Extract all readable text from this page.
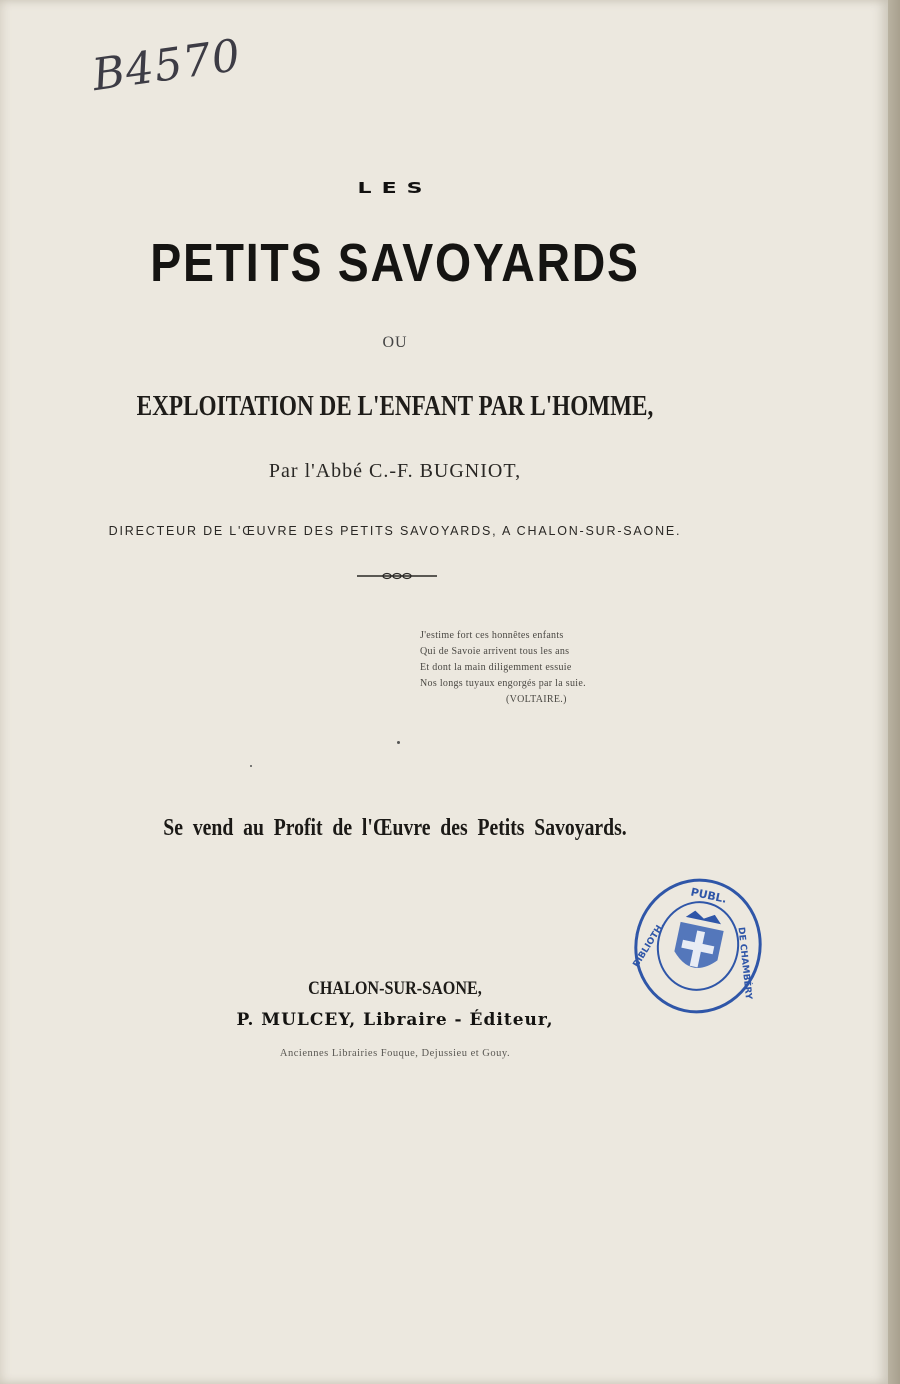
B4570
LES
PETITS SAVOYARDS
OU
EXPLOITATION DE L'ENFANT PAR L'HOMME,
Par l'Abbé C.-F. BUGNIOT,
DIRECTEUR DE L'ŒUVRE DES PETITS SAVOYARDS, A CHALON-SUR-SAONE.
J'estime fort ces honnêtes enfants
Qui de Savoie arrivent tous les ans
Et dont la main diligemment essuie
Nos longs tuyaux engorgés par la suie.
(VOLTAIRE.)
Se vend au Profit de l'Œuvre des Petits Savoyards.
PUBL.
BIBLIOTH.	DE CHAMBÉRY
CHALON-SUR-SAONE,
P. MULCEY, Libraire - Éditeur,
Anciennes Librairies Fouque, Dejussieu et Gouy.
